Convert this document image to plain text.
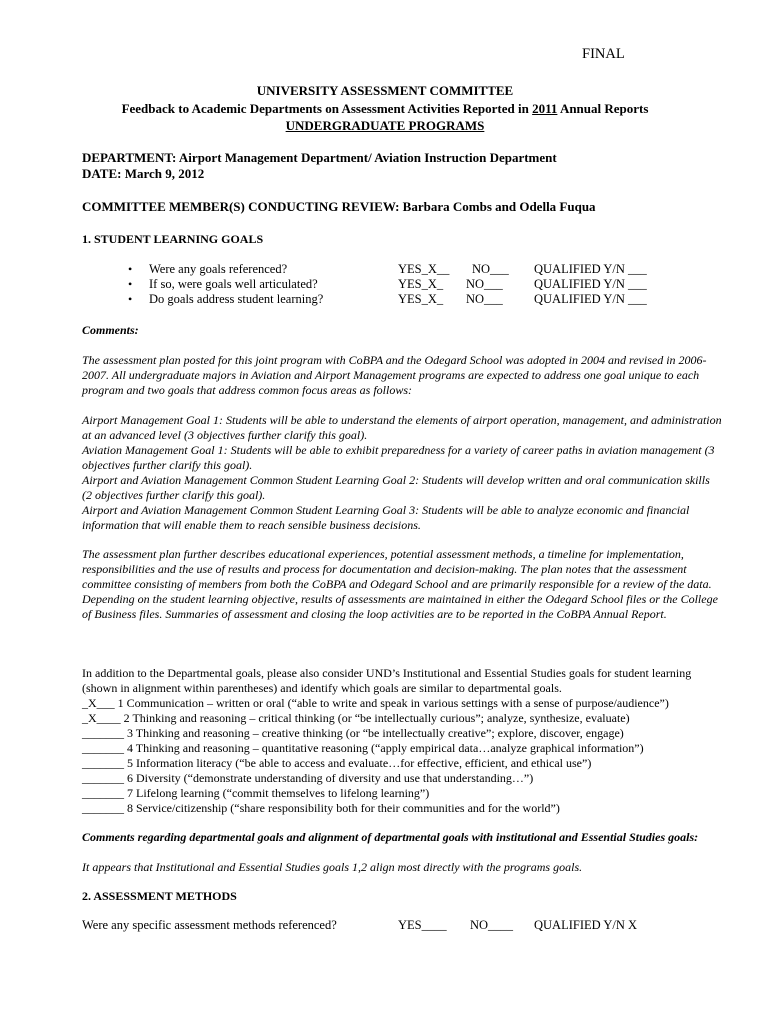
FINAL
UNIVERSITY ASSESSMENT COMMITTEE
Feedback to Academic Departments on Assessment Activities Reported in 2011 Annual Reports
UNDERGRADUATE PROGRAMS
DEPARTMENT: Airport Management Department/ Aviation Instruction Department
DATE: March 9, 2012
COMMITTEE MEMBER(S) CONDUCTING REVIEW: Barbara Combs and Odella Fuqua
1. STUDENT LEARNING GOALS
• Were any goals referenced?	YES_X__ NO___ QUALIFIED Y/N ___
• If so, were goals well articulated?	YES_X_ NO___ QUALIFIED Y/N ___
• Do goals address student learning?	YES_X_ NO___ QUALIFIED Y/N ___
Comments:
The assessment plan posted for this joint program with CoBPA and the Odegard School was adopted in 2004 and revised in 2006-2007. All undergraduate majors in Aviation and Airport Management programs are expected to address one goal unique to each program and two goals that address common focus areas as follows:
Airport Management Goal 1: Students will be able to understand the elements of airport operation, management, and administration at an advanced level (3 objectives further clarify this goal).
Aviation Management Goal 1: Students will be able to exhibit preparedness for a variety of career paths in aviation management (3 objectives further clarify this goal).
Airport and Aviation Management Common Student Learning Goal 2: Students will develop written and oral communication skills (2 objectives further clarify this goal).
Airport and Aviation Management Common Student Learning Goal 3: Students will be able to analyze economic and financial information that will enable them to reach sensible business decisions.
The assessment plan further describes educational experiences, potential assessment methods, a timeline for implementation, responsibilities and the use of results and process for documentation and decision-making. The plan notes that the assessment committee consisting of members from both the CoBPA and Odegard School and are primarily responsible for a review of the data. Depending on the student learning objective, results of assessments are maintained in either the Odegard School files or the College of Business files. Summaries of assessment and closing the loop activities are to be reported in the CoBPA Annual Report.
In addition to the Departmental goals, please also consider UND’s Institutional and Essential Studies goals for student learning (shown in alignment within parentheses) and identify which goals are similar to departmental goals.
_X___ 1 Communication – written or oral (“able to write and speak in various settings with a sense of purpose/audience”)
_X____ 2 Thinking and reasoning – critical thinking (or “be intellectually curious”; analyze, synthesize, evaluate)
_______ 3 Thinking and reasoning – creative thinking (or “be intellectually creative”; explore, discover, engage)
_______ 4 Thinking and reasoning – quantitative reasoning (“apply empirical data…analyze graphical information”)
_______ 5 Information literacy (“be able to access and evaluate…for effective, efficient, and ethical use”)
_______ 6 Diversity (“demonstrate understanding of diversity and use that understanding…”)
_______ 7 Lifelong learning (“commit themselves to lifelong learning”)
_______ 8 Service/citizenship (“share responsibility both for their communities and for the world”)
Comments regarding departmental goals and alignment of departmental goals with institutional and Essential Studies goals:
It appears that Institutional and Essential Studies goals 1,2 align most directly with the programs goals.
2. ASSESSMENT METHODS
Were any specific assessment methods referenced?	YES____ NO____ QUALIFIED Y/N X
